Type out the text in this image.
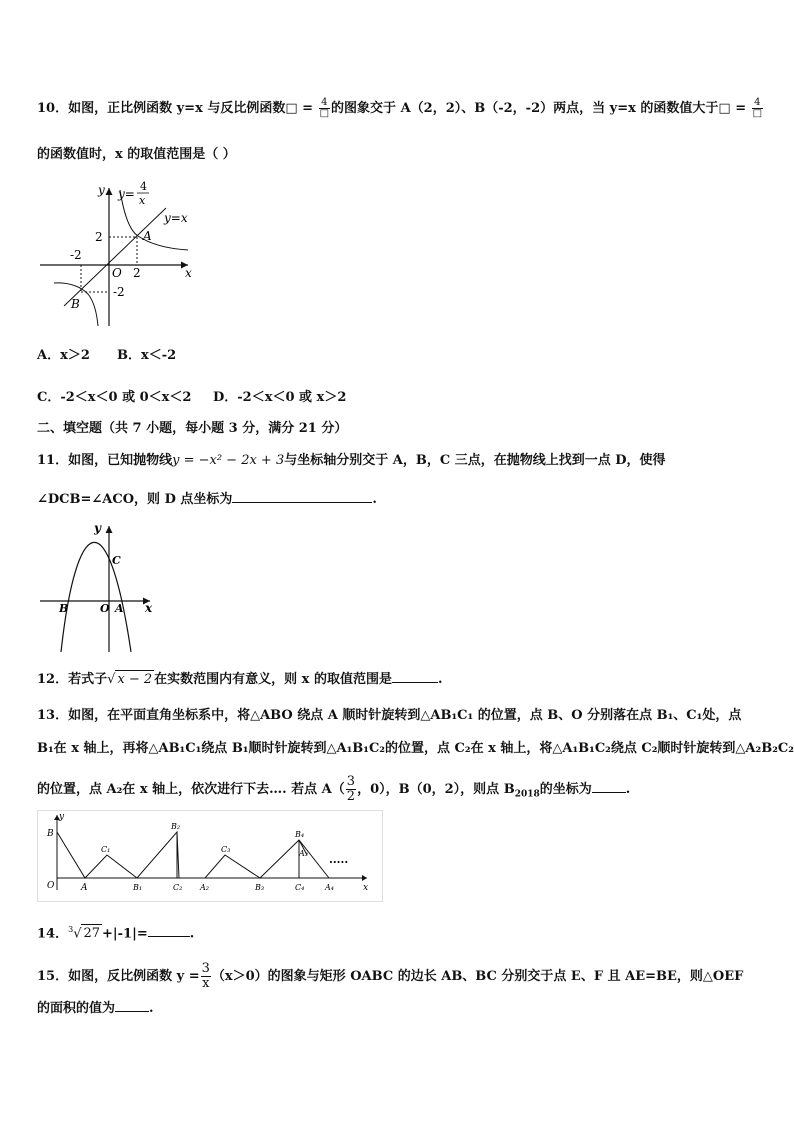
10．如图，正比例函数 y=x 与反比例函数□ = $\frac{4}{□}$ 的图象交于 A（2，2）、B（-2，-2）两点，当 y=x 的函数值大于□ = $\frac{4}{□}$
的函数值时，x 的取值范围是（ ）
y y=
4
x
y=x
2	A
-2
O 2	x
-2
B
A．x＞2 B．x＜-2
C．-2＜x＜0 或 0＜x＜2 D．-2＜x＜0 或 x＞2
二、填空题（共 7 小题，每小题 3 分，满分 21 分）
11．如图，已知抛物线y = −x² − 2x + 3与坐标轴分别交于 A，B，C 三点，在抛物线上找到一点 D，使得
∠DCB=∠ACO，则 D 点坐标为	.
y
C
B	O A x
12．若式子√ x − 2 在实数范围内有意义，则 x 的取值范围是	.
13．如图，在平面直角坐标系中，将△ABO 绕点 A 顺时针旋转到△AB₁C₁ 的位置，点 B、O 分别落在点 B₁、C₁处，点
B₁在 x 轴上，再将△AB₁C₁绕点 B₁顺时针旋转到△A₁B₁C₂的位置，点 C₂在 x 轴上，将△A₁B₁C₂绕点 C₂顺时针旋转到△A₂B₂C₂
的位置，点 A₂在 x 轴上，依次进行下去…. 若点 $A( \frac{3}{2}$ ，0），B（0，2），则点 $B_{2018}$的坐标为	.
y
B
O	A
C₁
B₁
B₂
C₂ A₂
C₃
B₃
B₄
A₃
C₄	A₄	x
.....
14．$^3$√ 27 +|-1|=	.
15．如图，反比例函数 $y = \frac{3}{x} (x>0)$的图象与矩形 OABC 的边长 AB、BC 分别交于点 E、F 且 AE=BE，则△OEF
的面积的值为	.
